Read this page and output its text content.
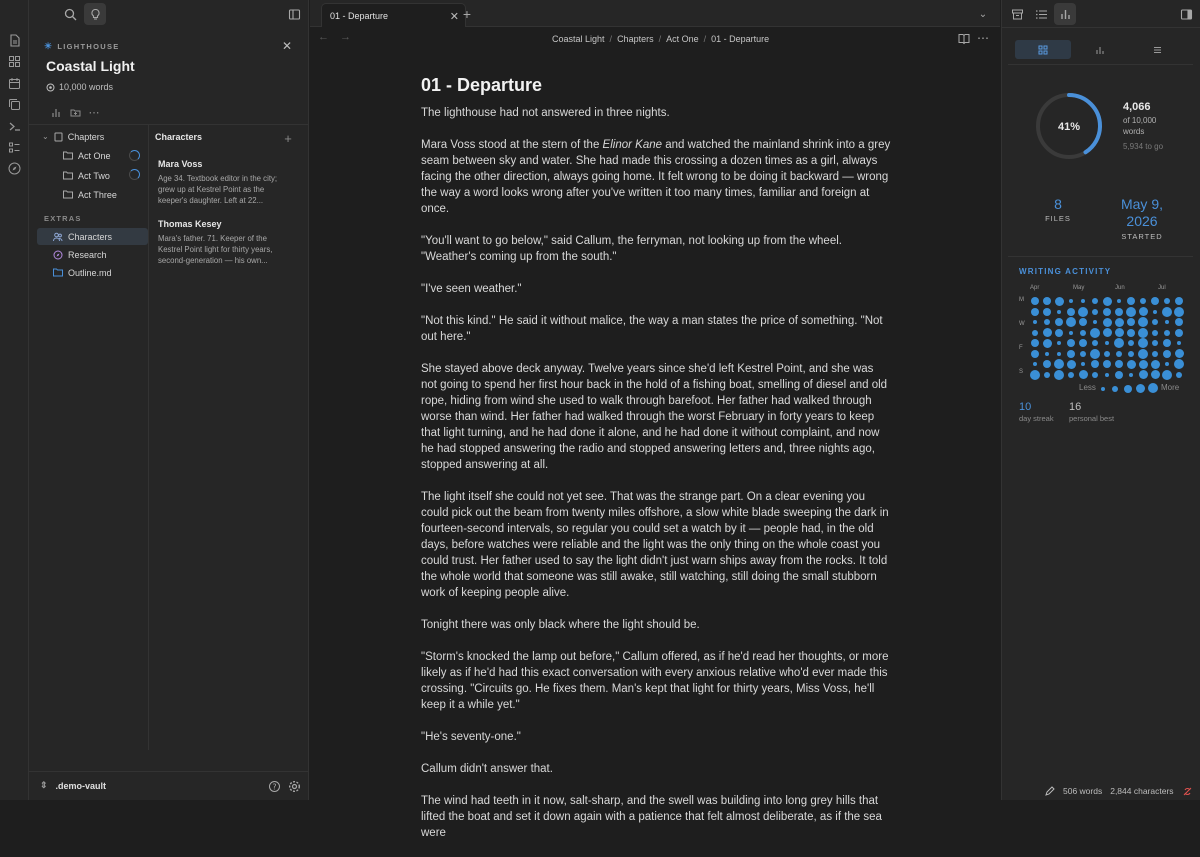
☀ LIGHTHOUSE	✕
Coastal Light
10,000 words
⋯
⌄ Chapters
Act One
Act Two
Act Three
EXTRAS
Characters
Research
Outline.md
Characters	+
Mara Voss
Age 34. Textbook editor in the city; grew up at Kestrel Point as the keeper's daughter. Left at 22...
Thomas Kesey
Mara's father. 71. Keeper of the Kestrel Point light for thirty years, second-generation — his own...
⇕ .demo-vault	?
01 - Departure	✕ +	⌄
← →	Coastal Light / Chapters / Act One / 01 - Departure	⋯
01 - Departure

The lighthouse had not answered in three nights.

Mara Voss stood at the stern of the Elinor Kane and watched the mainland shrink into a grey seam between sky and water. She had made this crossing a dozen times as a girl, always facing the other direction, always going home. It felt wrong to be doing it backward — wrong the way a word looks wrong after you've written it too many times, familiar and foreign at once.

"You'll want to go below," said Callum, the ferryman, not looking up from the wheel. "Weather's coming up from the south."

"I've seen weather."

"Not this kind." He said it without malice, the way a man states the price of something. "Not out here."

She stayed above deck anyway. Twelve years since she'd left Kestrel Point, and she was not going to spend her first hour back in the hold of a fishing boat, smelling of diesel and old rope, hiding from wind she used to walk through barefoot. Her father had walked through worse than wind. Her father had walked through the worst February in forty years to keep that light turning, and he had done it alone, and he had done it without complaint, and now he had stopped answering the radio and stopped answering letters and, three nights ago, stopped answering at all.

The light itself she could not yet see. That was the strange part. On a clear evening you could pick out the beam from twenty miles offshore, a slow white blade sweeping the dark in fourteen-second intervals, so regular you could set a watch by it — people had, in the old days, before watches were reliable and the light was the only thing on the whole coast you could trust. Her father used to say the light didn't just warn ships away from the rocks. It told the whole world that someone was still awake, still watching, still doing the small stubborn work of keeping people alive.

Tonight there was only black where the light should be.

"Storm's knocked the lamp out before," Callum offered, as if he'd read her thoughts, or more likely as if he'd had this exact conversation with every anxious relative who'd ever made this crossing. "Circuits go. He fixes them. Man's kept that light for thirty years, Miss Voss, he'll keep it a while yet."

"He's seventy-one."

Callum didn't answer that.

The wind had teeth in it now, salt-sharp, and the swell was building into long grey hills that lifted the boat and set it down again with a patience that felt almost deliberate, as if the sea were

41%
4,066
of 10,000
words
5,934 to go
8
FILES
May 9, 2026
STARTED
WRITING ACTIVITY
Apr	May	Jun	Jul
M
W
F
S
Less	More
10
day streak
16
personal best
506 words 2,844 characters
